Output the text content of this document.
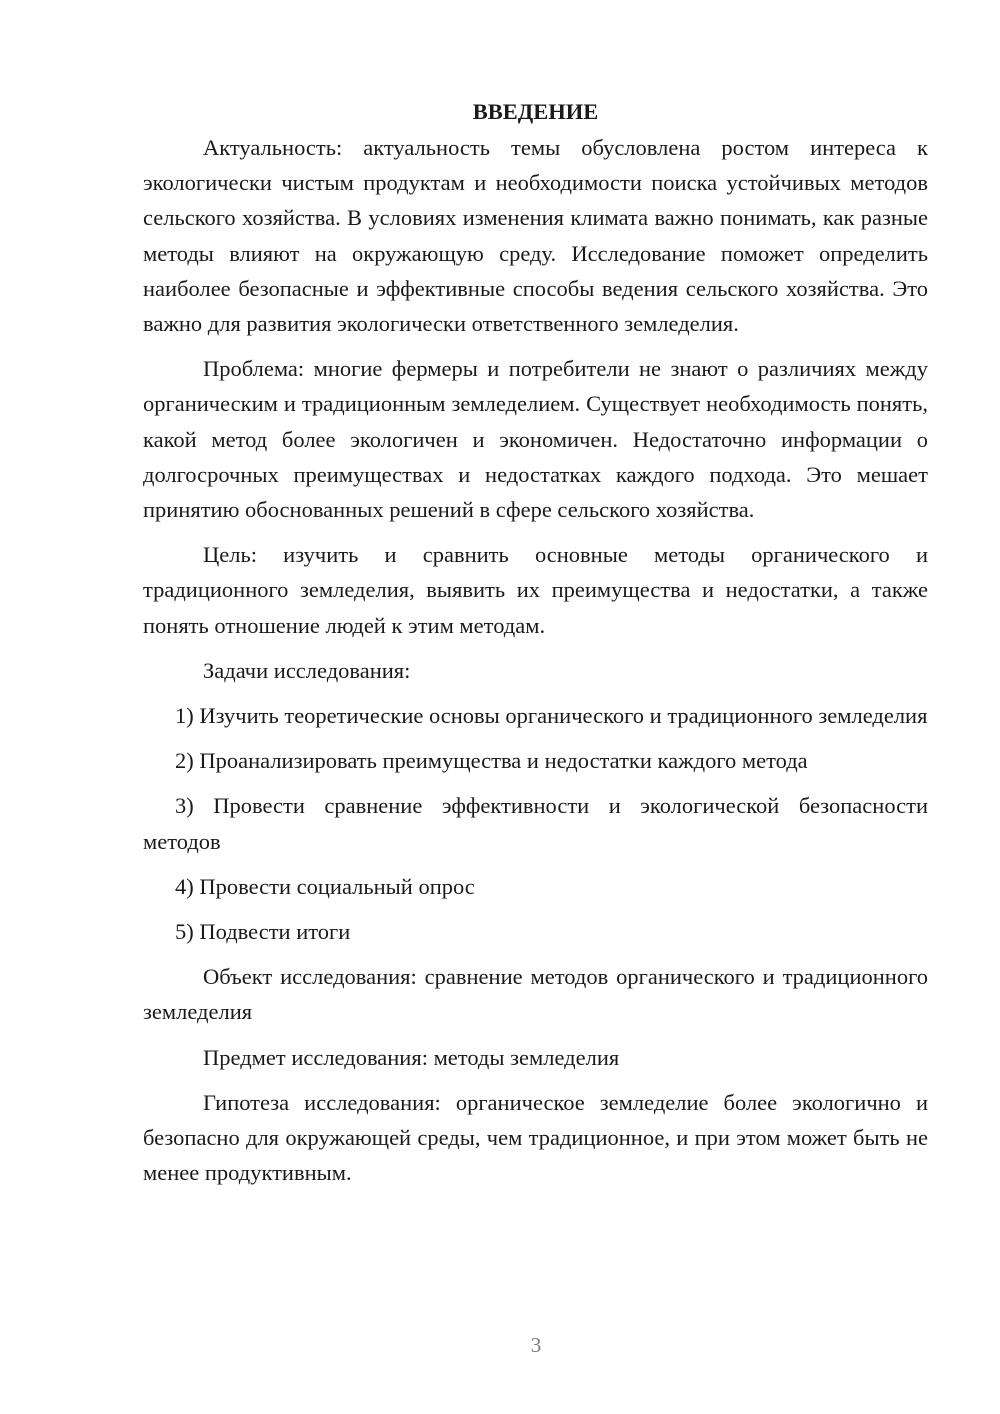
ВВЕДЕНИЕ

Актуальность: актуальность темы обусловлена ростом интереса к экологически чистым продуктам и необходимости поиска устойчивых методов сельского хозяйства. В условиях изменения климата важно понимать, как разные методы влияют на окружающую среду. Исследование поможет определить наиболее безопасные и эффективные способы ведения сельского хозяйства. Это важно для развития экологически ответственного земледелия.

Проблема: многие фермеры и потребители не знают о различиях между органическим и традиционным земледелием. Существует необходимость понять, какой метод более экологичен и экономичен. Недостаточно информации о долгосрочных преимуществах и недостатках каждого подхода. Это мешает принятию обоснованных решений в сфере сельского хозяйства.

Цель: изучить и сравнить основные методы органического и традиционного земледелия, выявить их преимущества и недостатки, а также понять отношение людей к этим методам.

Задачи исследования:

1) Изучить теоретические основы органического и традиционного земледелия

2) Проанализировать преимущества и недостатки каждого метода

3) Провести сравнение эффективности и экологической безопасности методов

4) Провести социальный опрос

5) Подвести итоги

Объект исследования: сравнение методов органического и традиционного земледелия

Предмет исследования: методы земледелия

Гипотеза исследования: органическое земледелие более экологично и безопасно для окружающей среды, чем традиционное, и при этом может быть не менее продуктивным.

3
